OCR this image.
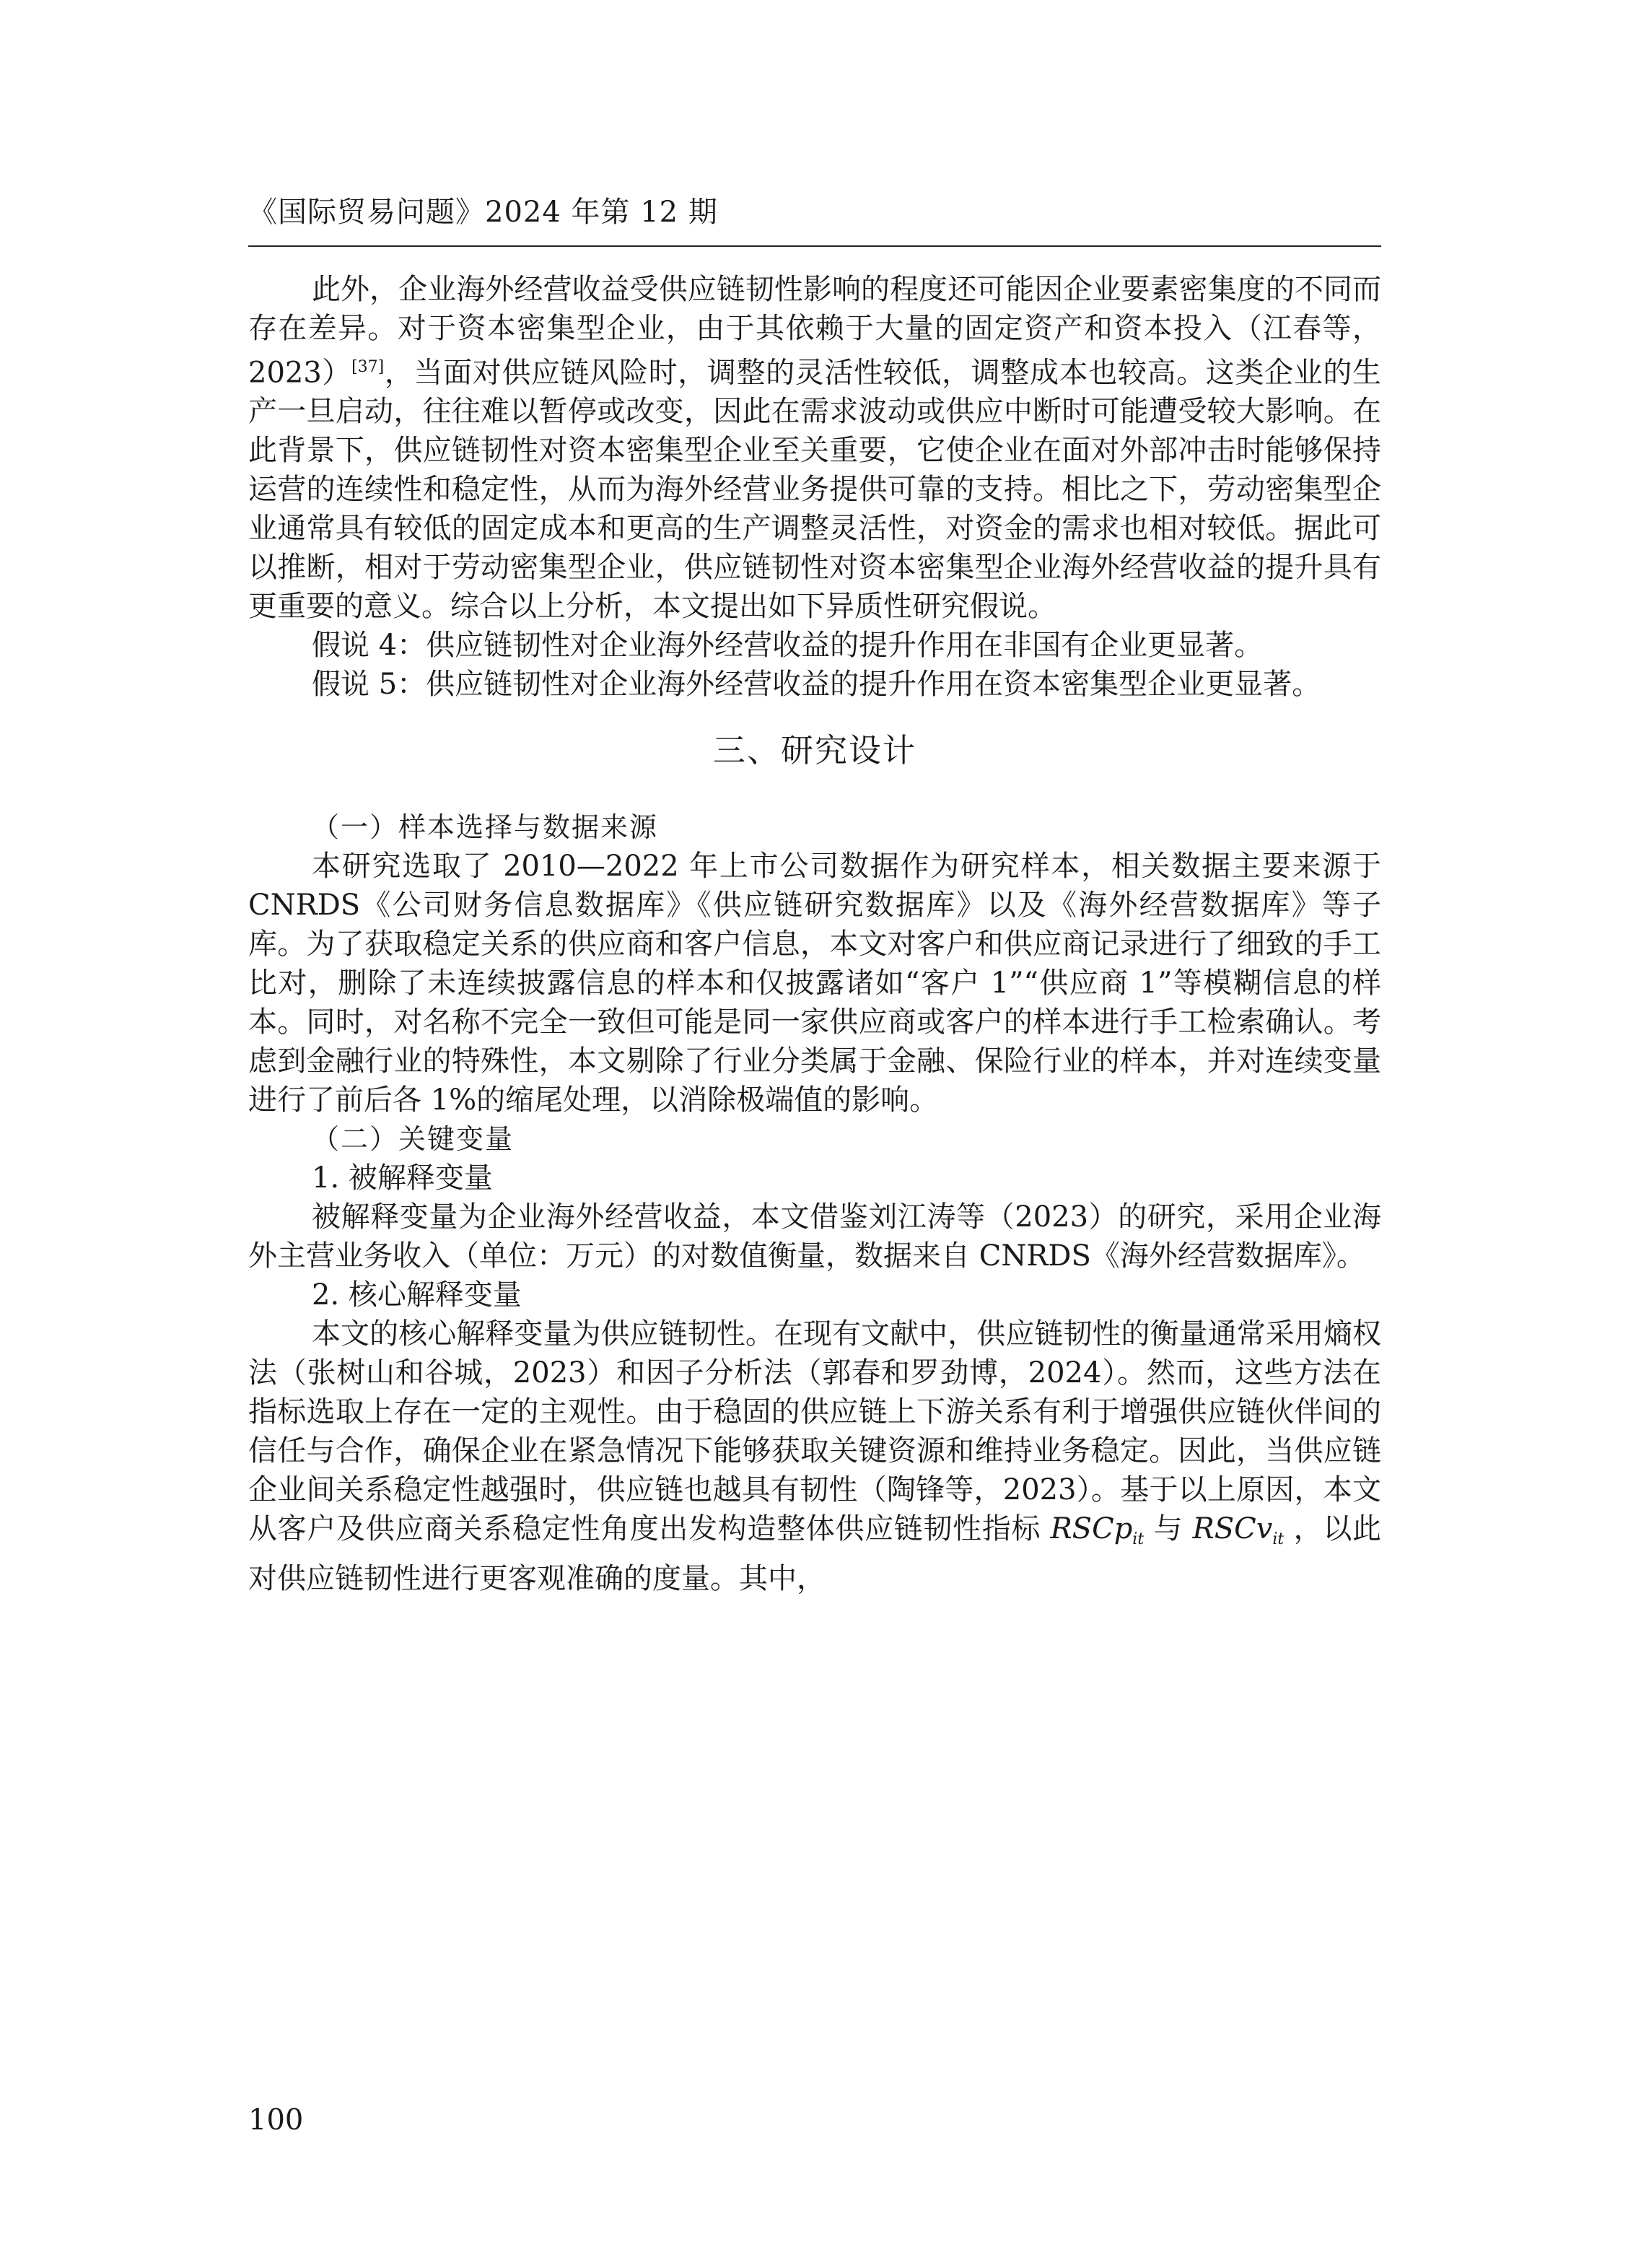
《国际贸易问题》2024 年第 12 期

此外，企业海外经营收益受供应链韧性影响的程度还可能因企业要素密集度的不同而存在差异。对于资本密集型企业，由于其依赖于大量的固定资产和资本投入（江春等，2023）[37]，当面对供应链风险时，调整的灵活性较低，调整成本也较高。这类企业的生产一旦启动，往往难以暂停或改变，因此在需求波动或供应中断时可能遭受较大影响。在此背景下，供应链韧性对资本密集型企业至关重要，它使企业在面对外部冲击时能够保持运营的连续性和稳定性，从而为海外经营业务提供可靠的支持。相比之下，劳动密集型企业通常具有较低的固定成本和更高的生产调整灵活性，对资金的需求也相对较低。据此可以推断，相对于劳动密集型企业，供应链韧性对资本密集型企业海外经营收益的提升具有更重要的意义。综合以上分析，本文提出如下异质性研究假说。

假说 4：供应链韧性对企业海外经营收益的提升作用在非国有企业更显著。

假说 5：供应链韧性对企业海外经营收益的提升作用在资本密集型企业更显著。

三、研究设计

（一）样本选择与数据来源

本研究选取了 2010—2022 年上市公司数据作为研究样本，相关数据主要来源于 CNRDS《公司财务信息数据库》《供应链研究数据库》以及《海外经营数据库》等子库。为了获取稳定关系的供应商和客户信息，本文对客户和供应商记录进行了细致的手工比对，删除了未连续披露信息的样本和仅披露诸如“客户 1”“供应商 1”等模糊信息的样本。同时，对名称不完全一致但可能是同一家供应商或客户的样本进行手工检索确认。考虑到金融行业的特殊性，本文剔除了行业分类属于金融、保险行业的样本，并对连续变量进行了前后各 1%的缩尾处理，以消除极端值的影响。

（二）关键变量

1. 被解释变量

被解释变量为企业海外经营收益，本文借鉴刘江涛等（2023）的研究，采用企业海外主营业务收入（单位：万元）的对数值衡量，数据来自 CNRDS《海外经营数据库》。

2. 核心解释变量

本文的核心解释变量为供应链韧性。在现有文献中，供应链韧性的衡量通常采用熵权法（张树山和谷城，2023）和因子分析法（郭春和罗劲博，2024）。然而，这些方法在指标选取上存在一定的主观性。由于稳固的供应链上下游关系有利于增强供应链伙伴间的信任与合作，确保企业在紧急情况下能够获取关键资源和维持业务稳定。因此，当供应链企业间关系稳定性越强时，供应链也越具有韧性（陶锋等，2023）。基于以上原因，本文从客户及供应商关系稳定性角度出发构造整体供应链韧性指标 RSCp$_{it}$ 与 RSCv$_{it}$ ，以此对供应链韧性进行更客观准确的度量。其中，

100
